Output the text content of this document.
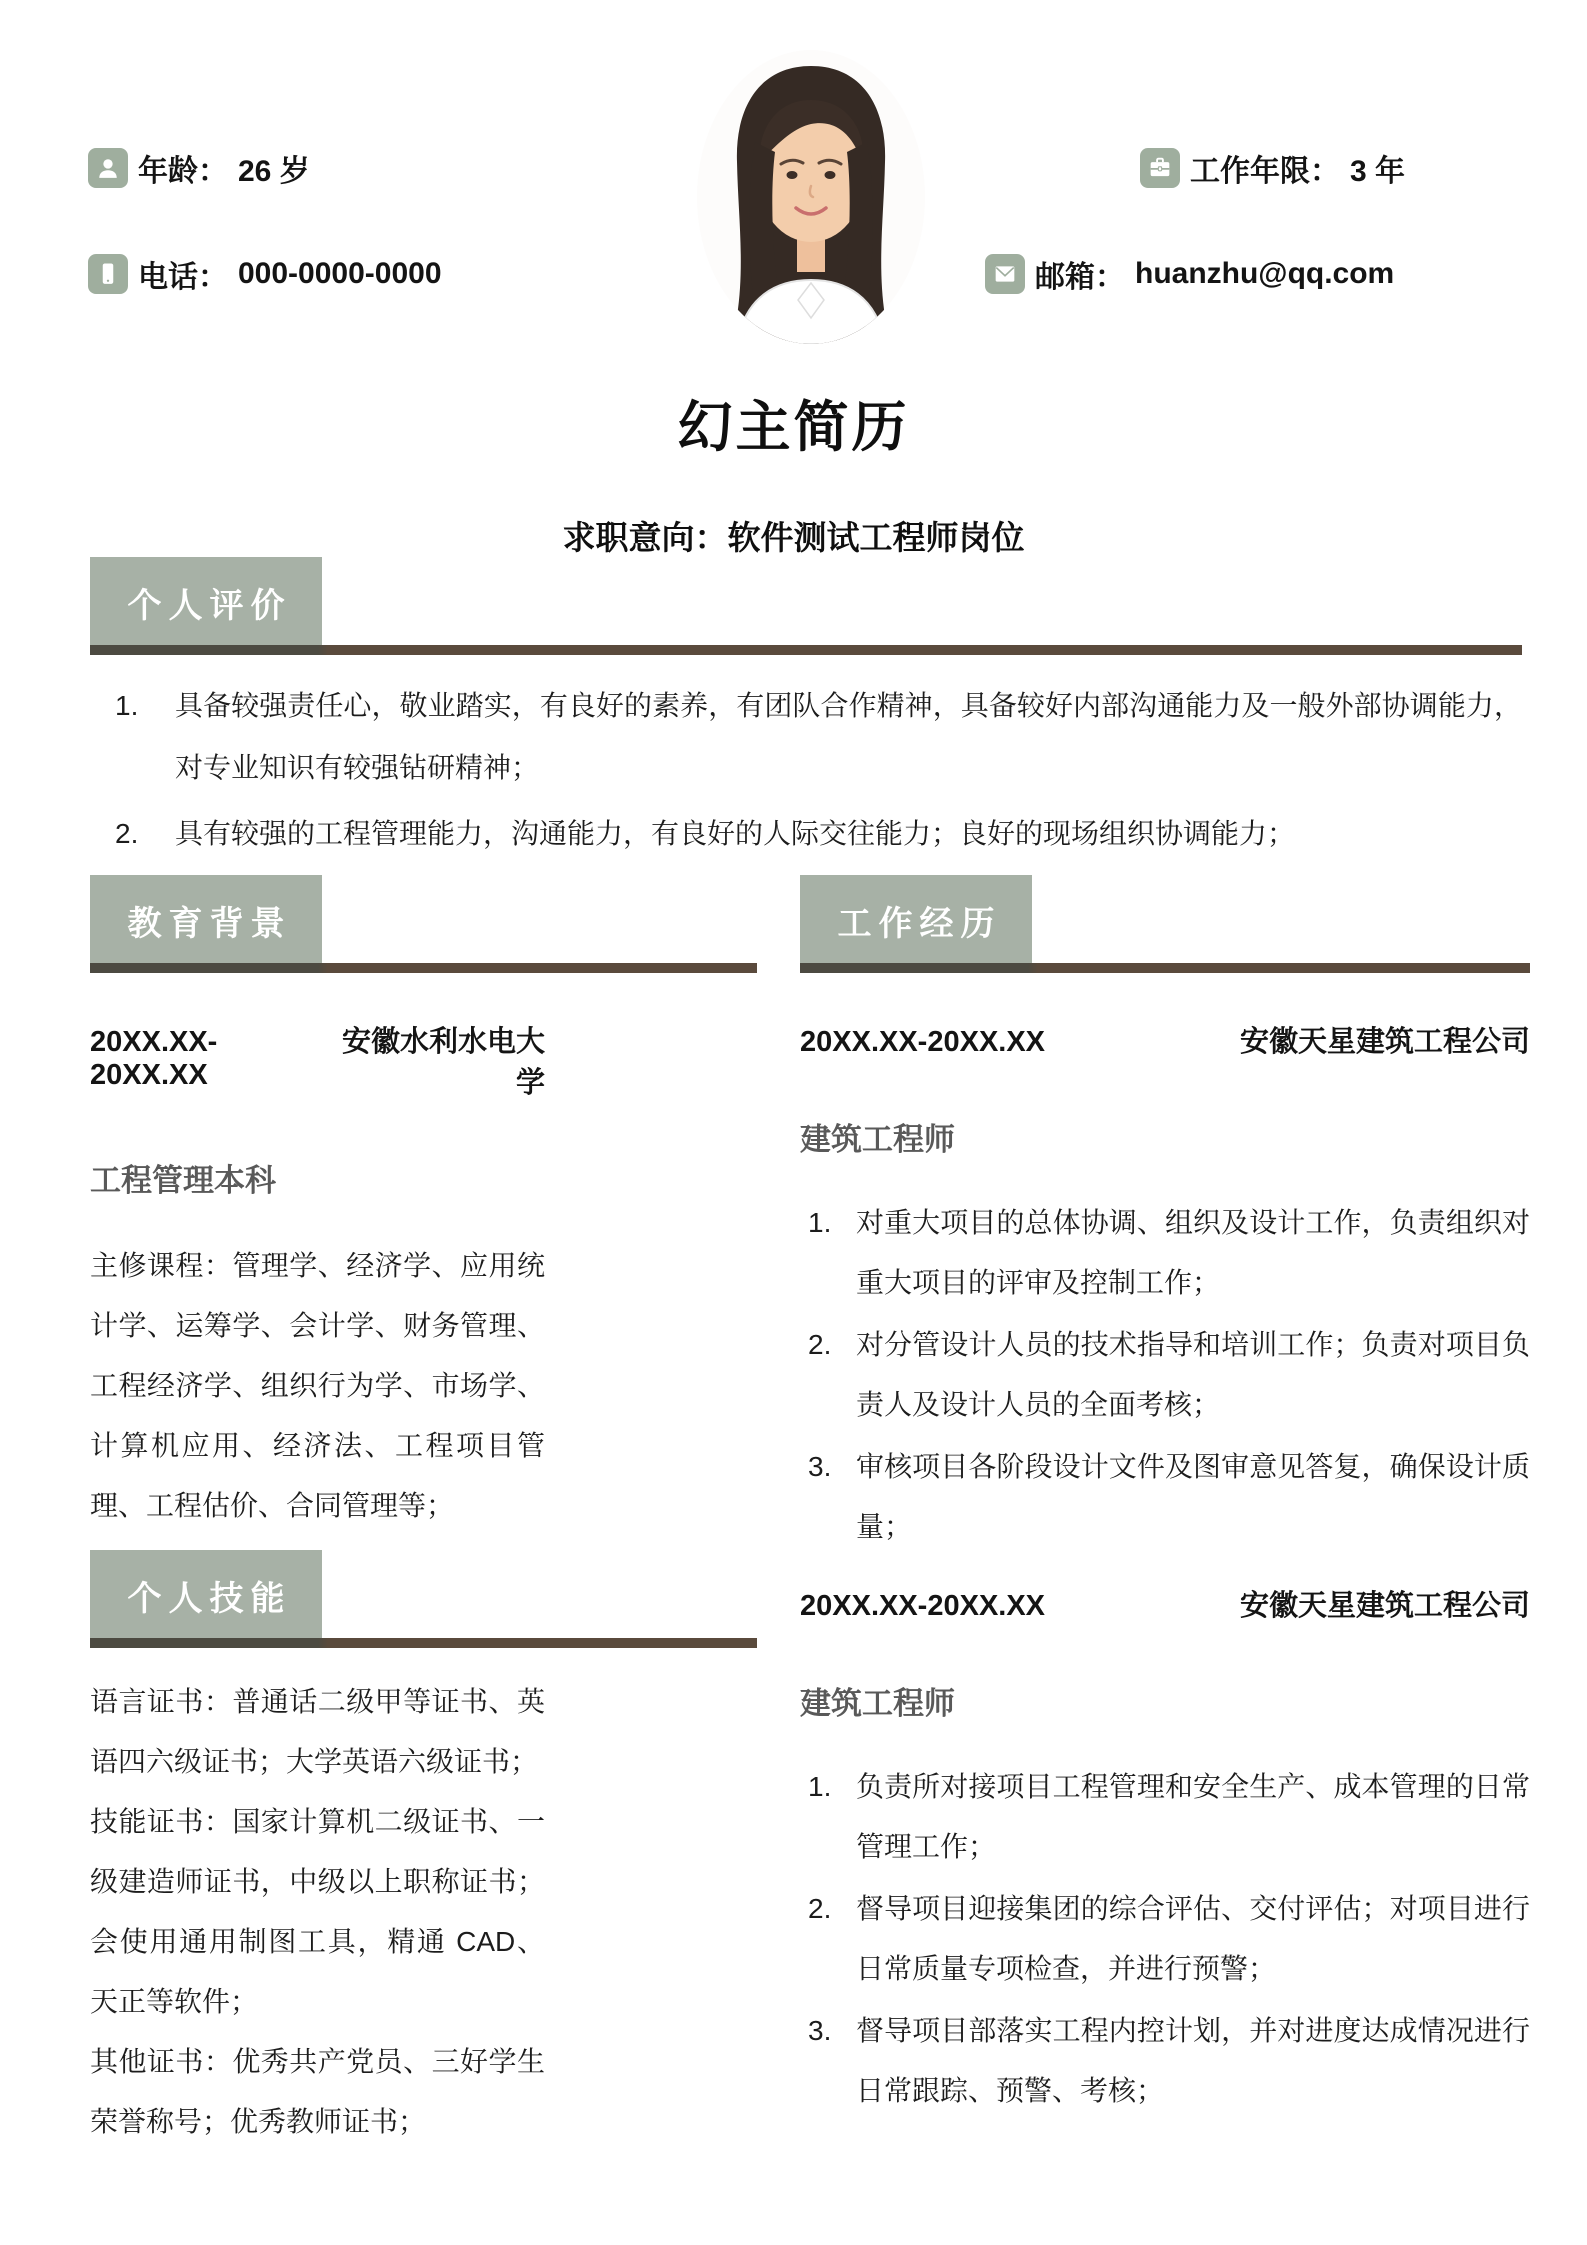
年龄： 26 岁
电话： 000-0000-0000
工作年限： 3 年
邮箱： huanzhu@qq.com
幻主简历
求职意向：软件测试工程师岗位
个人评价
1.	具备较强责任心，敬业踏实，有良好的素养，有团队合作精神，具备较好内部沟通能力及一般外部协调能力，对专业知识有较强钻研精神；
2.	具有较强的工程管理能力，沟通能力，有良好的人际交往能力；良好的现场组织协调能力；
教育背景
20XX.XX-20XX.XX
安徽水利水电大学
工程管理本科

主修课程：管理学、经济学、应用统计学、运筹学、会计学、财务管理、工程经济学、组织行为学、市场学、计算机应用、经济法、工程项目管理、工程估价、合同管理等；

个人技能

语言证书：普通话二级甲等证书、英语四六级证书；大学英语六级证书；

技能证书：国家计算机二级证书、一级建造师证书，中级以上职称证书；会使用通用制图工具，精通 CAD、天正等软件；

其他证书：优秀共产党员、三好学生荣誉称号；优秀教师证书；

工作经历
20XX.XX-20XX.XX	安徽天星建筑工程公司
建筑工程师
1. 对重大项目的总体协调、组织及设计工作，负责组织对重大项目的评审及控制工作；
2. 对分管设计人员的技术指导和培训工作；负责对项目负责人及设计人员的全面考核；
3. 审核项目各阶段设计文件及图审意见答复，确保设计质量；
20XX.XX-20XX.XX	安徽天星建筑工程公司
建筑工程师
1. 负责所对接项目工程管理和安全生产、成本管理的日常管理工作；
2. 督导项目迎接集团的综合评估、交付评估；对项目进行日常质量专项检查，并进行预警；
3. 督导项目部落实工程内控计划，并对进度达成情况进行日常跟踪、预警、考核；
